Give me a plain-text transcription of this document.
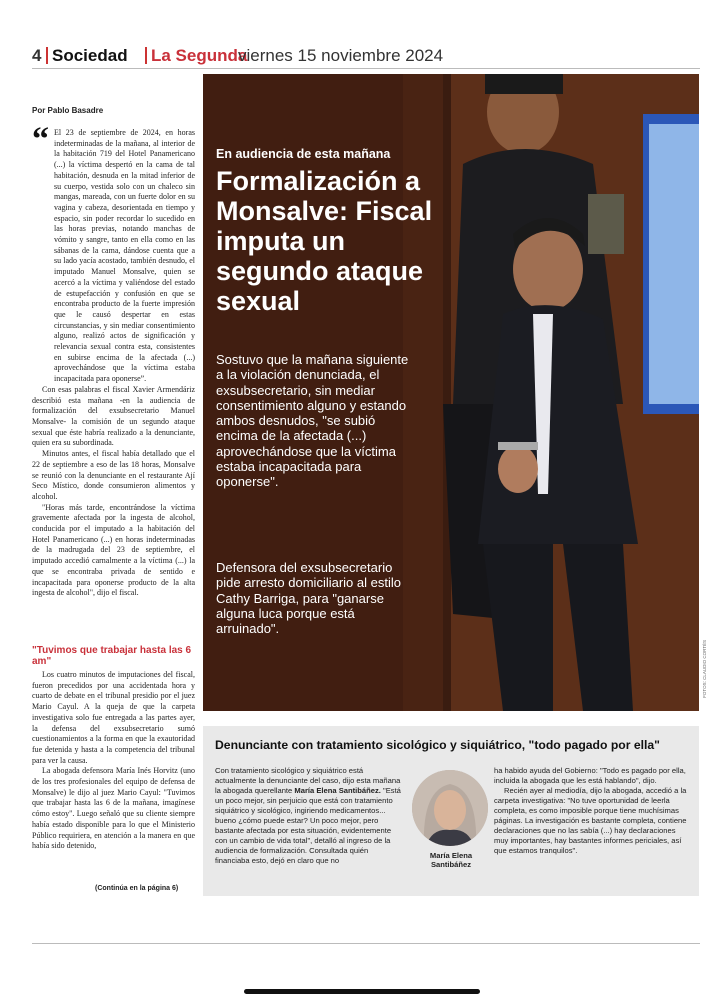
4 Sociedad La Segunda
viernes 15 noviembre 2024
Por Pablo Basadre
“ El 23 de septiembre de 2024, en horas indeterminadas de la mañana, al interior de la habitación 719 del Hotel Panamericano (...) la víctima despertó en la cama de tal habitación, desnuda en la mitad inferior de su cuerpo, vestida solo con un chaleco sin mangas, mareada, con un fuerte dolor en su vagina y cabeza, desorientada en tiempo y espacio, sin poder recordar lo sucedido en las horas previas, notando manchas de vómito y sangre, tanto en ella como en las sábanas de la cama, dándose cuenta que a su lado yacía acostado, también desnudo, el imputado Manuel Monsalve, quien se acercó a la víctima y valiéndose del estado de estupefacción y confusión en que se encontraba producto de la fuerte impresión que le causó despertar en estas circunstancias, y sin mediar consentimiento alguno, realizó actos de significación y relevancia sexual contra esta, consistentes en subirse encima de la afectada (...) aprovechándose que la víctima estaba incapacitada para oponerse”.

Con esas palabras el fiscal Xavier Armendáriz describió esta mañana -en la audiencia de formalización del exsubsecretario Manuel Monsalve- la comisión de un segundo ataque sexual que éste habría realizado a la denunciante, quien era su subordinada.

Minutos antes, el fiscal había detallado que el 22 de septiembre a eso de las 18 horas, Monsalve se reunió con la denunciante en el restaurante Ají Seco Místico, donde consumieron alimentos y alcohol.

"Horas más tarde, encontrándose la víctima gravemente afectada por la ingesta de alcohol, conducida por el imputado a la habitación del Hotel Panamericano (...) en horas indeterminadas de la madrugada del 23 de septiembre, el imputado accedió carnalmente a la víctima (...) la que se encontraba privada de sentido e incapacitada para oponerse producto de la alta ingesta de alcohol", dijo el fiscal.

"Tuvimos que trabajar hasta las 6 am"

Los cuatro minutos de imputaciones del fiscal, fueron precedidos por una accidentada hora y cuarto de debate en el tribunal presidio por el juez Mario Cayul. A la queja de que la carpeta investigativa solo fue entregada a las partes ayer, la defensa del exsubsecretario sumó cuestionamientos a la forma en que la exautoridad fue detenida y hasta a la competencia del tribunal para ver la causa.

La abogada defensora María Inés Horvitz (uno de los tres profesionales del equipo de defensa de Monsalve) le dijo al juez Mario Cayul: "Tuvimos que trabajar hasta las 6 de la mañana, imagínese cómo estoy". Luego señaló que su cliente siempre había estado disponible para lo que el Ministerio Público requiriera, en atención a la manera en que había sido detenido,

(Continúa en la página 6)
FOTOS: CLAUDIO CORTÉS
En audiencia de esta mañana
Formalización a Monsalve: Fiscal imputa un segundo ataque sexual
Sostuvo que la mañana siguiente a la violación denunciada, el exsubsecretario, sin mediar consentimiento alguno y estando ambos desnudos, "se subió encima de la afectada (...) aprovechándose que la víctima estaba incapacitada para oponerse".
Defensora del exsubsecretario pide arresto domiciliario al estilo Cathy Barriga, para "ganarse alguna luca porque está arruinado".
Denunciante con tratamiento sicológico y siquiátrico, "todo pagado por ella"

Con tratamiento sicológico y siquiátrico está actualmente la denunciante del caso, dijo esta mañana la abogada querellante María Elena Santibáñez. "Está un poco mejor, sin perjuicio que está con tratamiento siquiátrico y sicológico, ingiriendo medicamentos... bueno ¿cómo puede estar? Un poco mejor, pero bastante afectada por esta situación, evidentemente con un cambio de vida total", detalló al ingreso de la audiencia de formalización. Consultada quién financiaba esto, dejó en claro que no

María Elena Santibáñez

ha habido ayuda del Gobierno: "Todo es pagado por ella, incluida la abogada que les está hablando", dijo.

Recién ayer al mediodía, dijo la abogada, accedió a la carpeta investigativa: "No tuve oportunidad de leerla completa, es como imposible porque tiene muchísimas páginas. La investigación es bastante completa, contiene declaraciones que no las sabía (...) hay declaraciones muy importantes, hay bastantes informes periciales, así que estamos tranquilos".
